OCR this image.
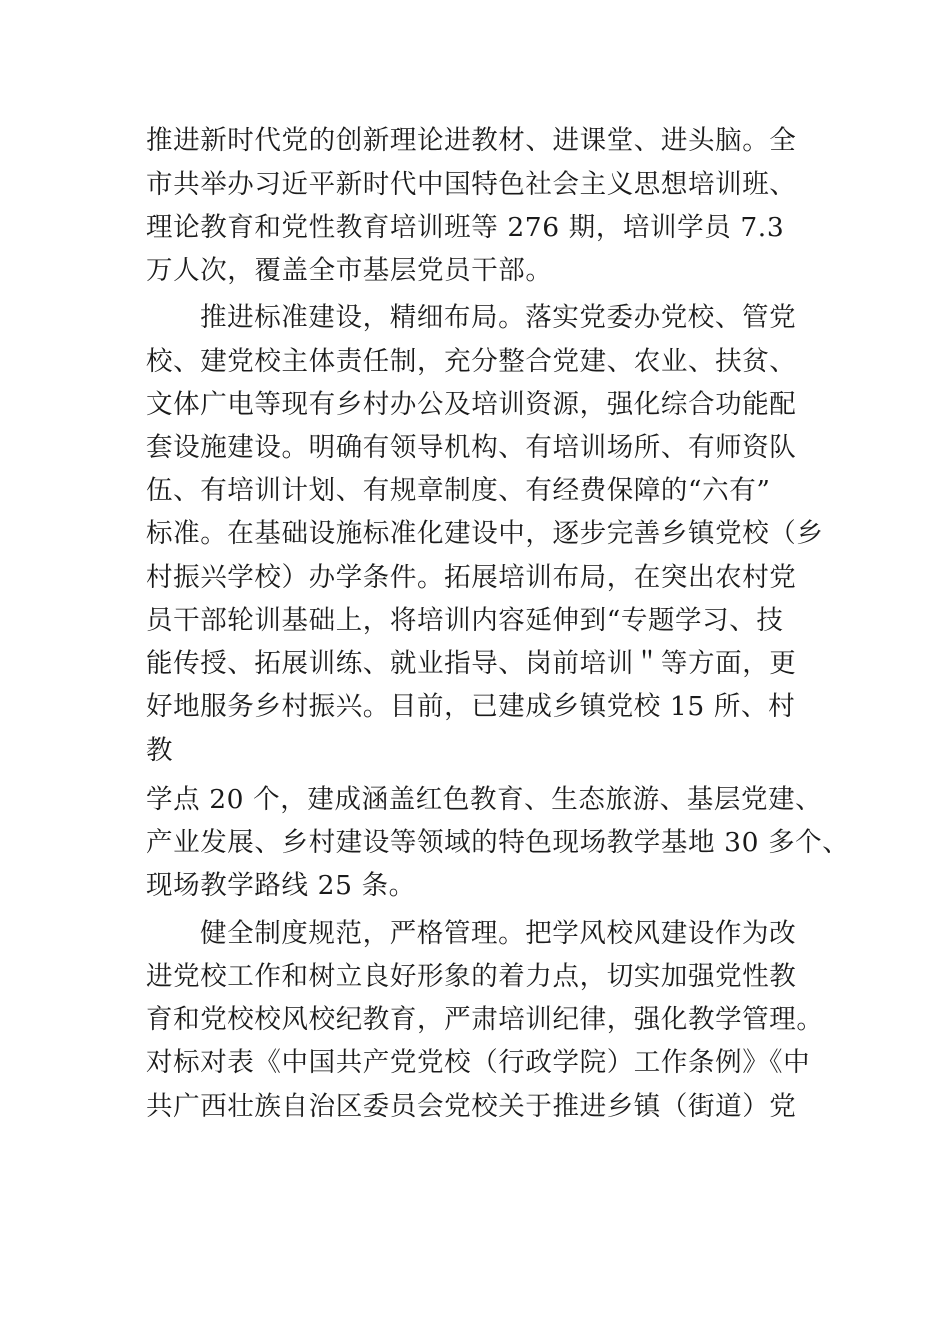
推进新时代党的创新理论进教材、进课堂、进头脑。全
市共举办习近平新时代中国特色社会主义思想培训班、
理论教育和党性教育培训班等 276 期，培训学员 7.3
万人次，覆盖全市基层党员干部。
推进标准建设，精细布局。落实党委办党校、管党
校、建党校主体责任制，充分整合党建、农业、扶贫、
文体广电等现有乡村办公及培训资源，强化综合功能配
套设施建设。明确有领导机构、有培训场所、有师资队
伍、有培训计划、有规章制度、有经费保障的“六有”
标准。在基础设施标准化建设中，逐步完善乡镇党校（乡
村振兴学校）办学条件。拓展培训布局，在突出农村党
员干部轮训基础上，将培训内容延伸到“专题学习、技
能传授、拓展训练、就业指导、岗前培训＂等方面，更
好地服务乡村振兴。目前，已建成乡镇党校 15 所、村
教
学点 20 个，建成涵盖红色教育、生态旅游、基层党建、
产业发展、乡村建设等领域的特色现场教学基地 30 多个、
现场教学路线 25 条。
健全制度规范，严格管理。把学风校风建设作为改
进党校工作和树立良好形象的着力点，切实加强党性教
育和党校校风校纪教育，严肃培训纪律，强化教学管理。
对标对表《中国共产党党校（行政学院）工作条例》《中
共广西壮族自治区委员会党校关于推进乡镇（街道）党
